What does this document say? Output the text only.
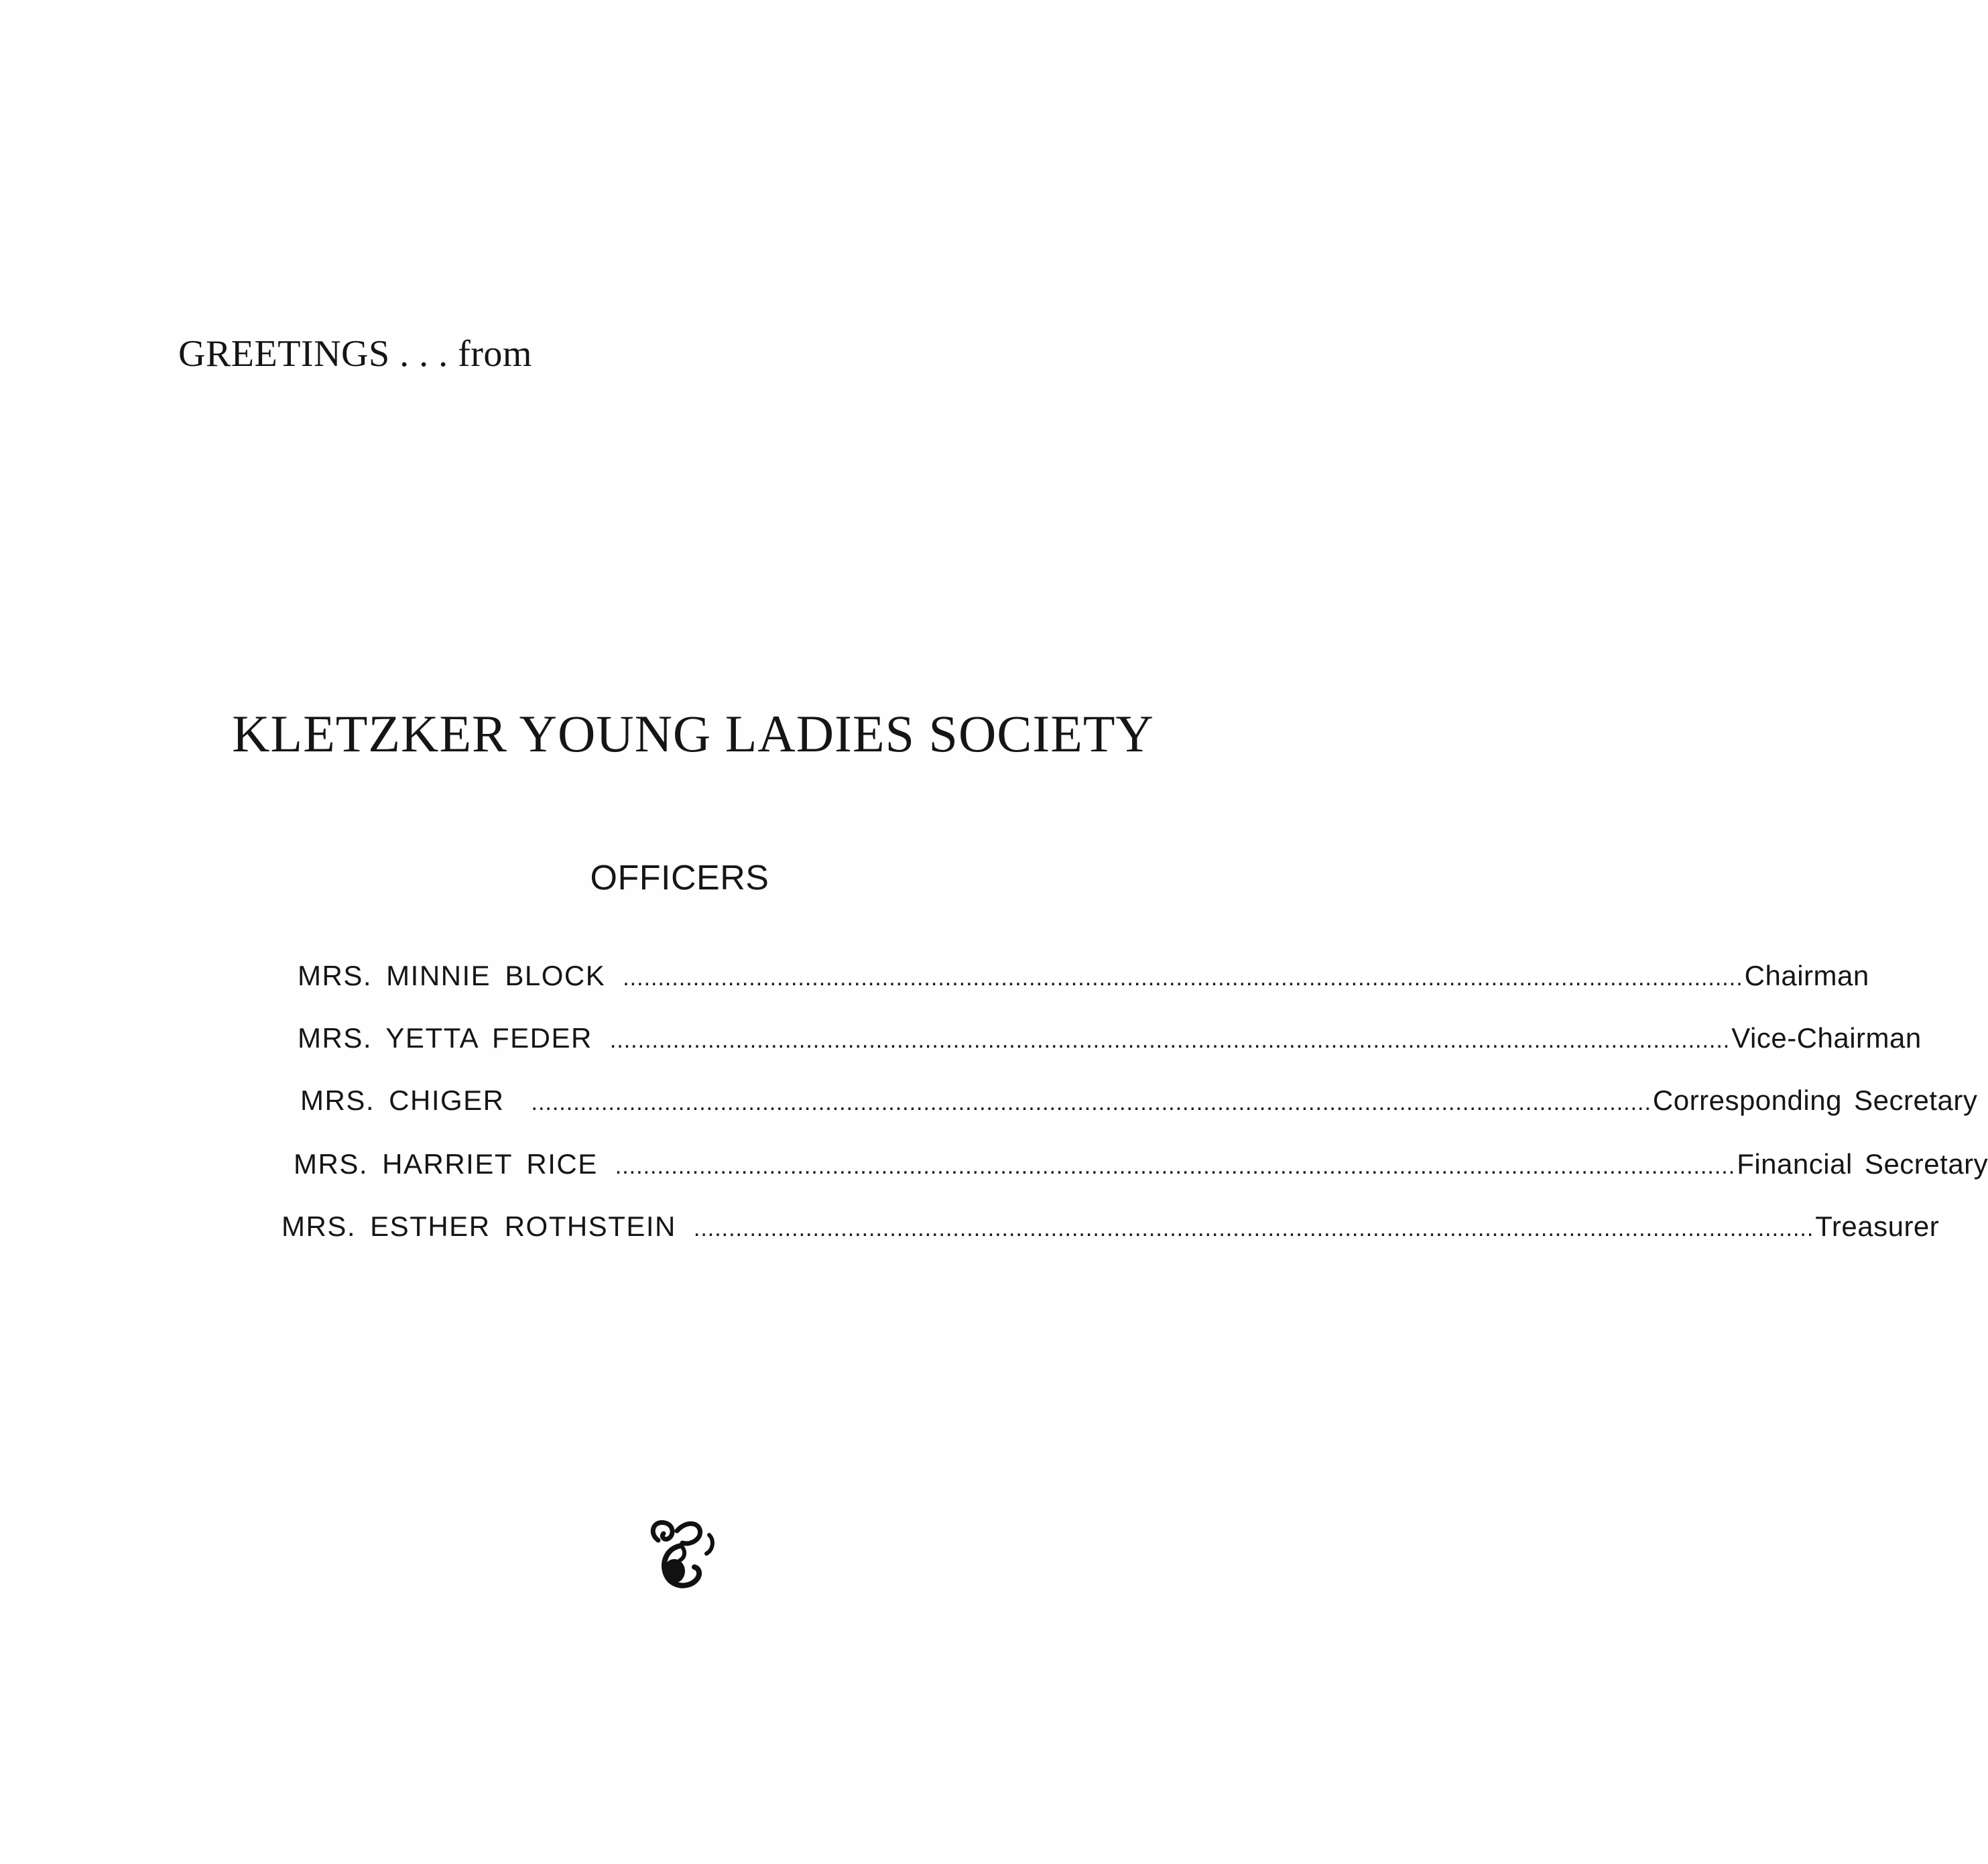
GREETINGS . . . from
KLETZKER YOUNG LADIES SOCIETY
OFFICERS
MRS. MINNIE BLOCK ................................................................................................................................................................ Chairman
MRS. YETTA FEDER ................................................................................................................................................................ Vice-Chairman
MRS. CHIGER ................................................................................................................................................................ Corresponding Secretary
MRS. HARRIET RICE ................................................................................................................................................................ Financial Secretary
MRS. ESTHER ROTHSTEIN ................................................................................................................................................................ Treasurer
